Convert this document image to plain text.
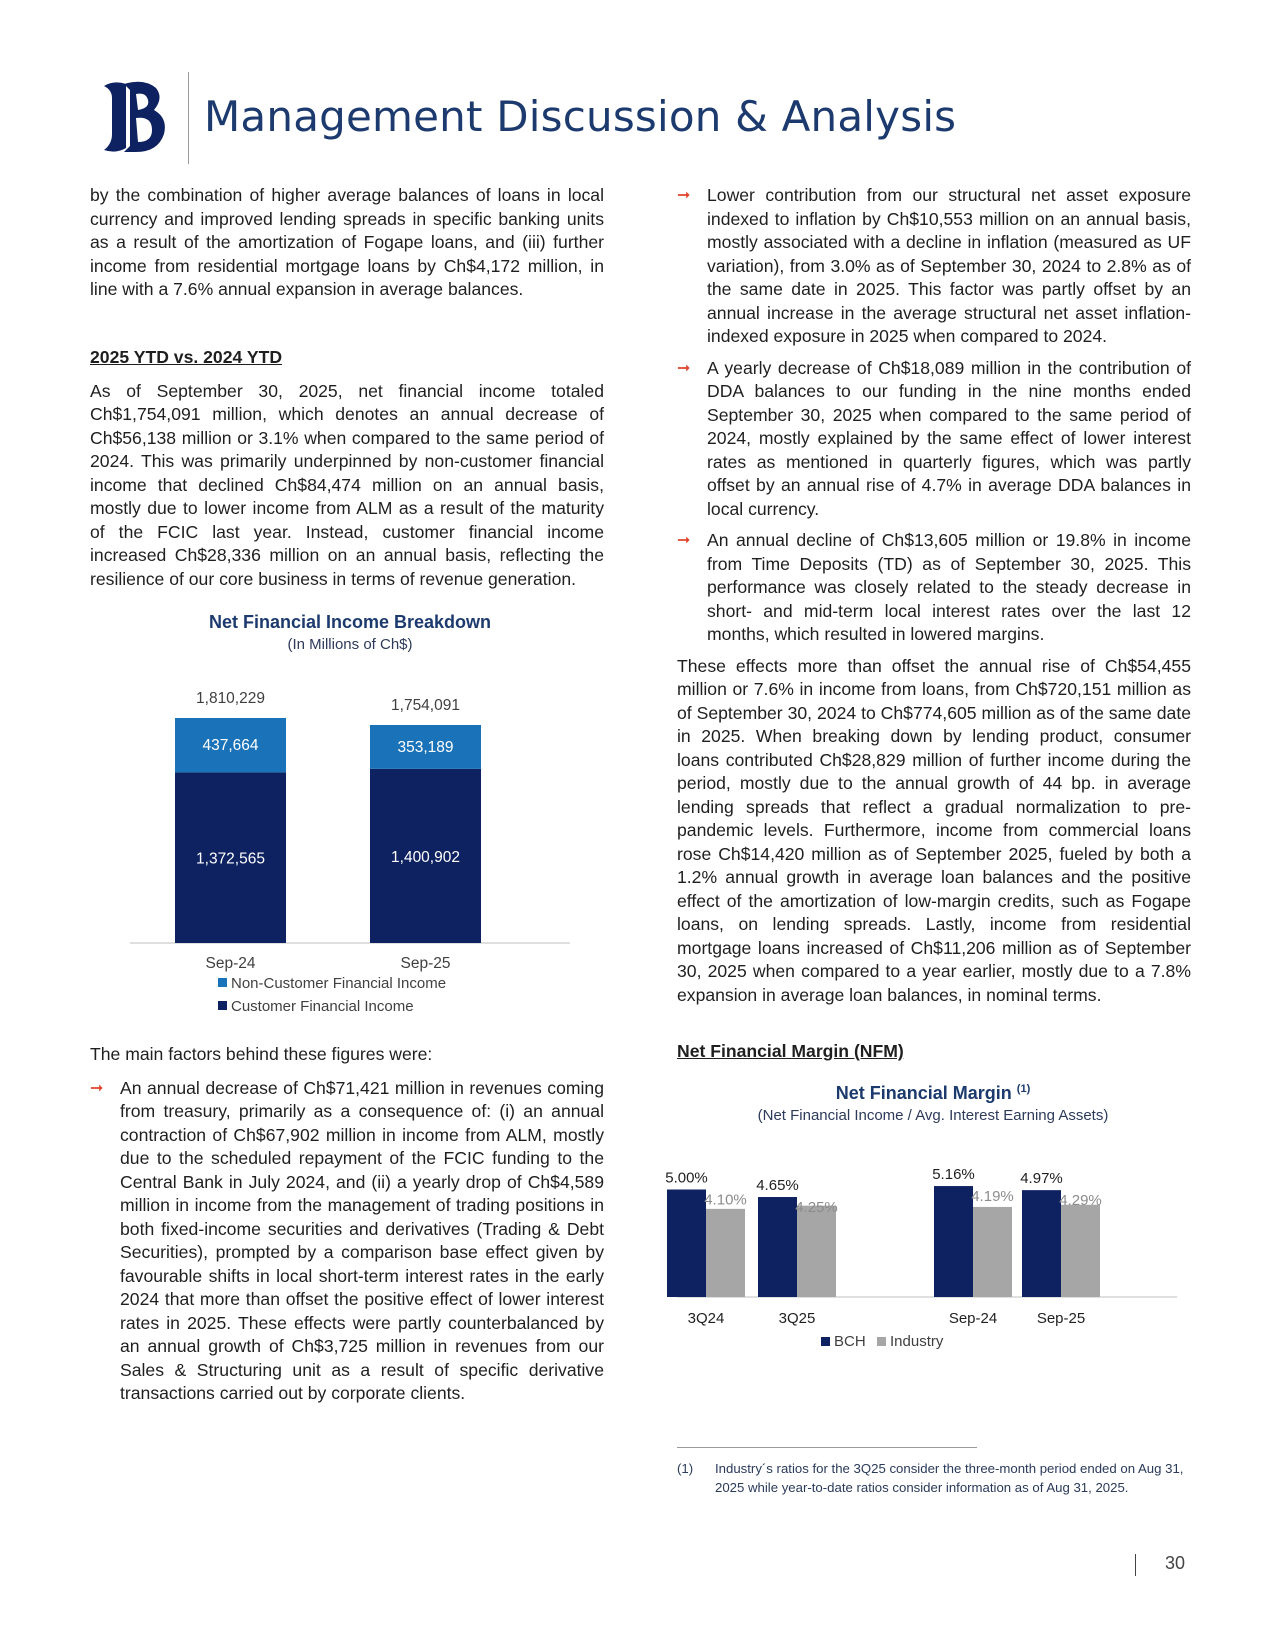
Management Discussion & Analysis

by the combination of higher average balances of loans in local currency and improved lending spreads in specific banking units as a result of the amortization of Fogape loans, and (iii) further income from residential mortgage loans by Ch$4,172 million, in line with a 7.6% annual expansion in average balances.

2025 YTD vs. 2024 YTD

As of September 30, 2025, net financial income totaled Ch$1,754,091 million, which denotes an annual decrease of Ch$56,138 million or 3.1% when compared to the same period of 2024. This was primarily underpinned by non-customer financial income that declined Ch$84,474 million on an annual basis, mostly due to lower income from ALM as a result of the maturity of the FCIC last year. Instead, customer financial income increased Ch$28,336 million on an annual basis, reflecting the resilience of our core business in terms of revenue generation.

Net Financial Income Breakdown
(In Millions of Ch$)
1,372,565
437,664
1,810,229
Sep-24
1,400,902
353,189
1,754,091
Sep-25
Non-Customer Financial Income
Customer Financial Income

The main factors behind these figures were:

➞ An annual decrease of Ch$71,421 million in revenues coming from treasury, primarily as a consequence of: (i) an annual contraction of Ch$67,902 million in income from ALM, mostly due to the scheduled repayment of the FCIC funding to the Central Bank in July 2024, and (ii) a yearly drop of Ch$4,589 million in income from the management of trading positions in both fixed-income securities and derivatives (Trading & Debt Securities), prompted by a comparison base effect given by favourable shifts in local short-term interest rates in the early 2024 that more than offset the positive effect of lower interest rates in 2025. These effects were partly counterbalanced by an annual growth of Ch$3,725 million in revenues from our Sales & Structuring unit as a result of specific derivative transactions carried out by corporate clients.

➞ Lower contribution from our structural net asset exposure indexed to inflation by Ch$10,553 million on an annual basis, mostly associated with a decline in inflation (measured as UF variation), from 3.0% as of September 30, 2024 to 2.8% as of the same date in 2025. This factor was partly offset by an annual increase in the average structural net asset inflation-indexed exposure in 2025 when compared to 2024.

➞ A yearly decrease of Ch$18,089 million in the contribution of DDA balances to our funding in the nine months ended September 30, 2025 when compared to the same period of 2024, mostly explained by the same effect of lower interest rates as mentioned in quarterly figures, which was partly offset by an annual rise of 4.7% in average DDA balances in local currency.

➞ An annual decline of Ch$13,605 million or 19.8% in income from Time Deposits (TD) as of September 30, 2025. This performance was closely related to the steady decrease in short- and mid-term local interest rates over the last 12 months, which resulted in lowered margins.

These effects more than offset the annual rise of Ch$54,455 million or 7.6% in income from loans, from Ch$720,151 million as of September 30, 2024 to Ch$774,605 million as of the same date in 2025. When breaking down by lending product, consumer loans contributed Ch$28,829 million of further income during the period, mostly due to the annual growth of 44 bp. in average lending spreads that reflect a gradual normalization to pre-pandemic levels. Furthermore, income from commercial loans rose Ch$14,420 million as of September 2025, fueled by both a 1.2% annual growth in average loan balances and the positive effect of the amortization of low-margin credits, such as Fogape loans, on lending spreads. Lastly, income from residential mortgage loans increased of Ch$11,206 million as of September 30, 2025 when compared to a year earlier, mostly due to a 7.8% expansion in average loan balances, in nominal terms.

Net Financial Margin (NFM)

Net Financial Margin $^{(1)}$
(Net Financial Income / Avg. Interest Earning Assets)
5.00%
4.10%
3Q24
4.65%
4.25%
3Q25
5.16%
4.19%
Sep-24
4.97%
4.29%
Sep-25
BCH Industry
(1) Industry´s ratios for the 3Q25 consider the three-month period ended on Aug 31, 2025 while year-to-date ratios consider information as of Aug 31, 2025.
30
